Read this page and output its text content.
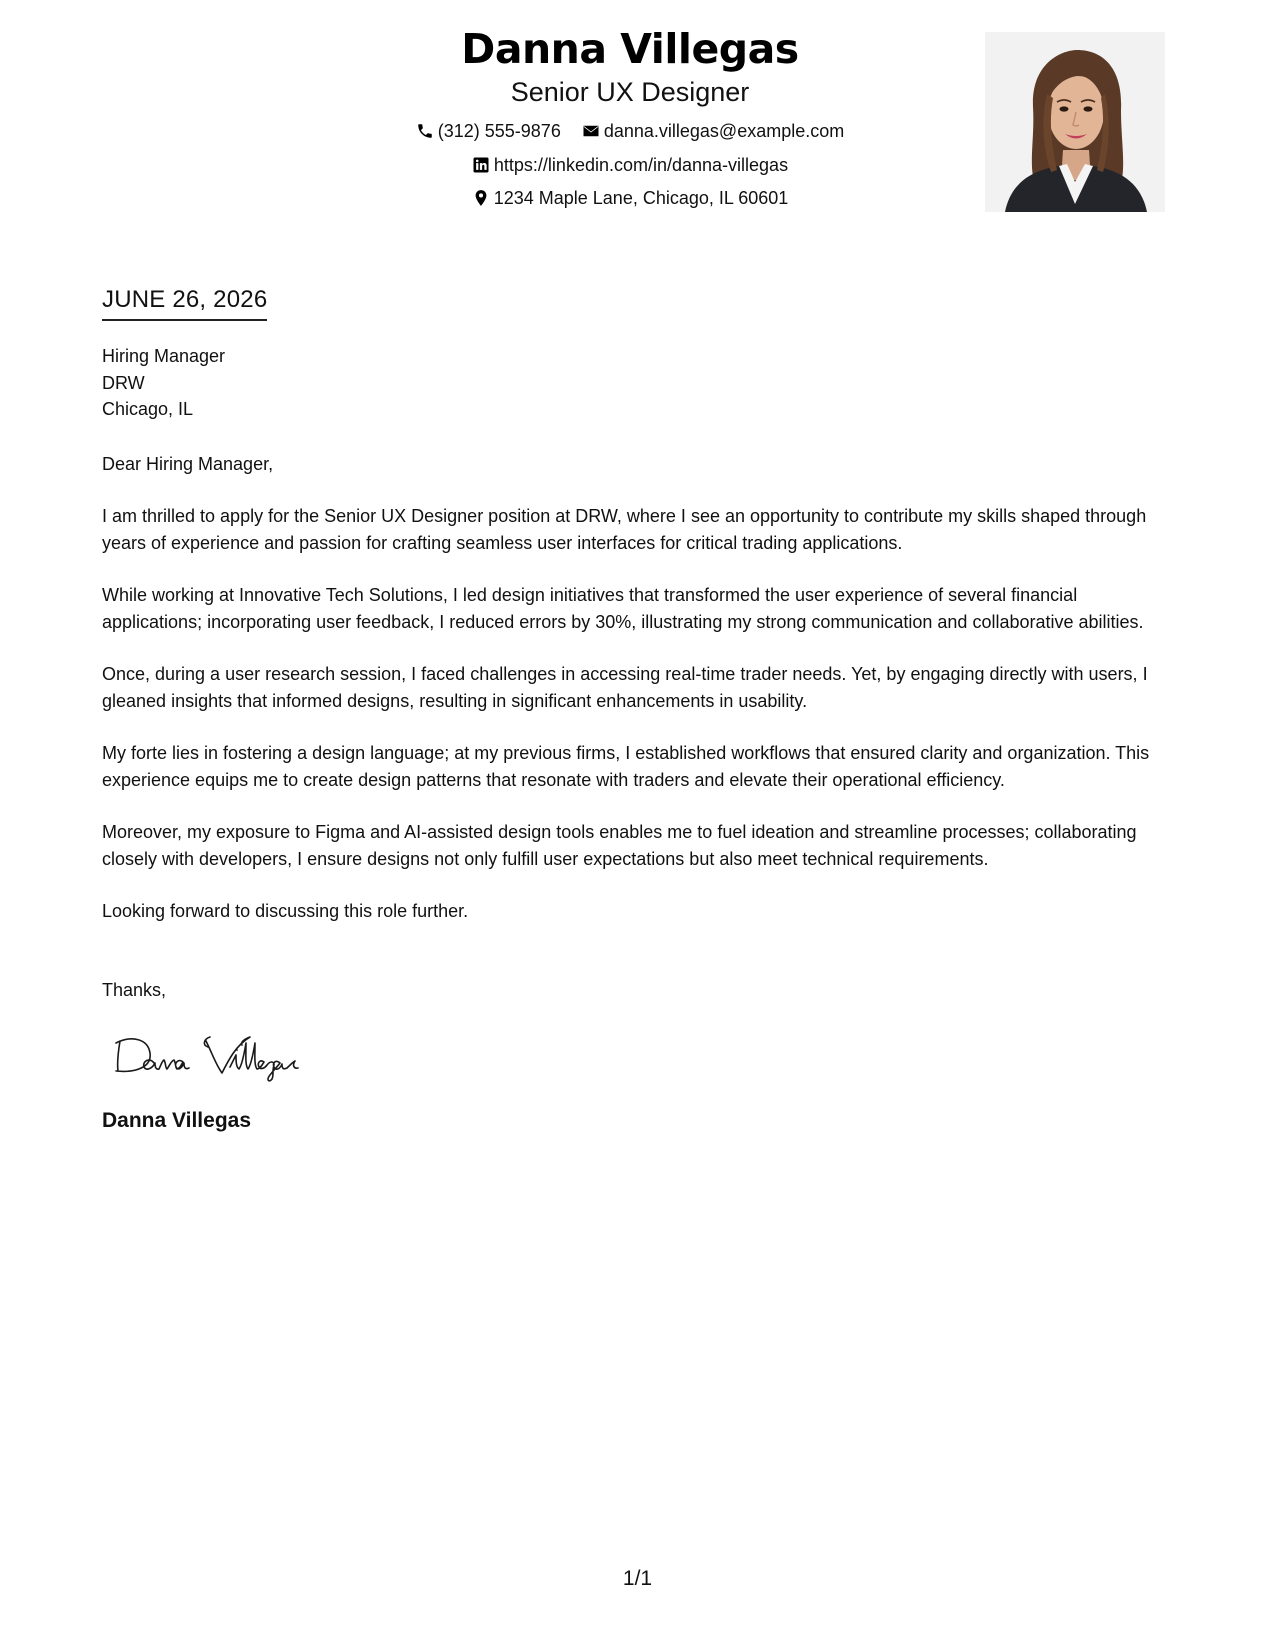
Danna Villegas
Senior UX Designer
(312) 555-9876
danna.villegas@example.com
https://linkedin.com/in/danna-villegas
1234 Maple Lane, Chicago, IL 60601
JUNE 26, 2026
Hiring Manager
DRW
Chicago, IL

Dear Hiring Manager,

I am thrilled to apply for the Senior UX Designer position at DRW, where I see an opportunity to contribute my skills shaped through years of experience and passion for crafting seamless user interfaces for critical trading applications.

While working at Innovative Tech Solutions, I led design initiatives that transformed the user experience of several financial applications; incorporating user feedback, I reduced errors by 30%, illustrating my strong communication and collaborative abilities.

Once, during a user research session, I faced challenges in accessing real-time trader needs. Yet, by engaging directly with users, I gleaned insights that informed designs, resulting in significant enhancements in usability.

My forte lies in fostering a design language; at my previous firms, I established workflows that ensured clarity and organization. This experience equips me to create design patterns that resonate with traders and elevate their operational efficiency.

Moreover, my exposure to Figma and AI-assisted design tools enables me to fuel ideation and streamline processes; collaborating closely with developers, I ensure designs not only fulfill user expectations but also meet technical requirements.

Looking forward to discussing this role further.

Thanks,
Danna Villegas
1/1
